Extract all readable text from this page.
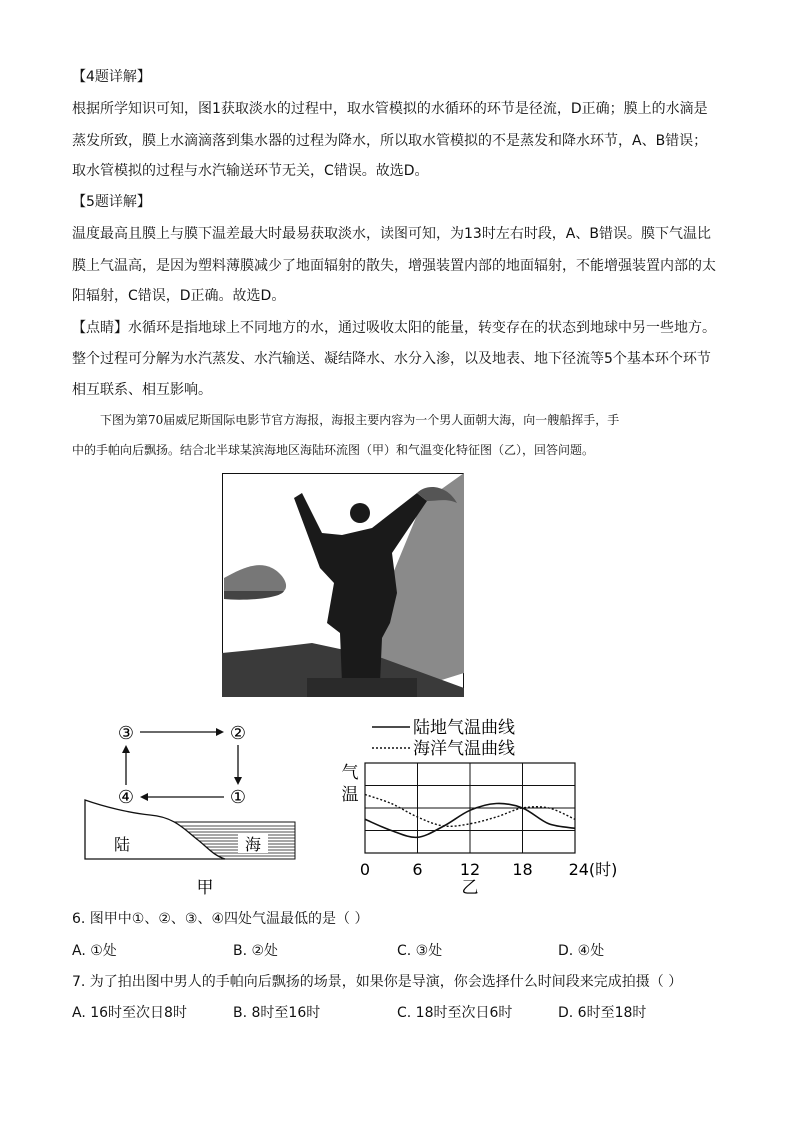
【4题详解】

根据所学知识可知，图1获取淡水的过程中，取水管模拟的水循环的环节是径流，D正确；膜上的水滴是

蒸发所致，膜上水滴滴落到集水器的过程为降水，所以取水管模拟的不是蒸发和降水环节，A、B错误；

取水管模拟的过程与水汽输送环节无关，C错误。故选D。

【5题详解】

温度最高且膜上与膜下温差最大时最易获取淡水，读图可知，为13时左右时段，A、B错误。膜下气温比

膜上气温高，是因为塑料薄膜减少了地面辐射的散失，增强装置内部的地面辐射，不能增强装置内部的太

阳辐射，C错误，D正确。故选D。

【点睛】水循环是指地球上不同地方的水，通过吸收太阳的能量，转变存在的状态到地球中另一些地方。

整个过程可分解为水汽蒸发、水汽输送、凝结降水、水分入渗，以及地表、地下径流等5个基本环个环节

相互联系、相互影响。

下图为第70届威尼斯国际电影节官方海报，海报主要内容为一个男人面朝大海，向一艘船挥手，手

中的手帕向后飘扬。结合北半球某滨海地区海陆环流图（甲）和气温变化特征图（乙），回答问题。

③	②
④	①
海
陆
甲
陆地气温曲线
海洋气温曲线
气
温
0	6 12 18 24(时)
乙

6. 图甲中①、②、③、④四处气温最低的是（ ）

A. ①处	B. ②处	C. ③处	D. ④处

7. 为了拍出图中男人的手帕向后飘扬的场景，如果你是导演，你会选择什么时间段来完成拍摄（ ）

A. 16时至次日8时	B. 8时至16时	C. 18时至次日6时	D. 6时至18时
